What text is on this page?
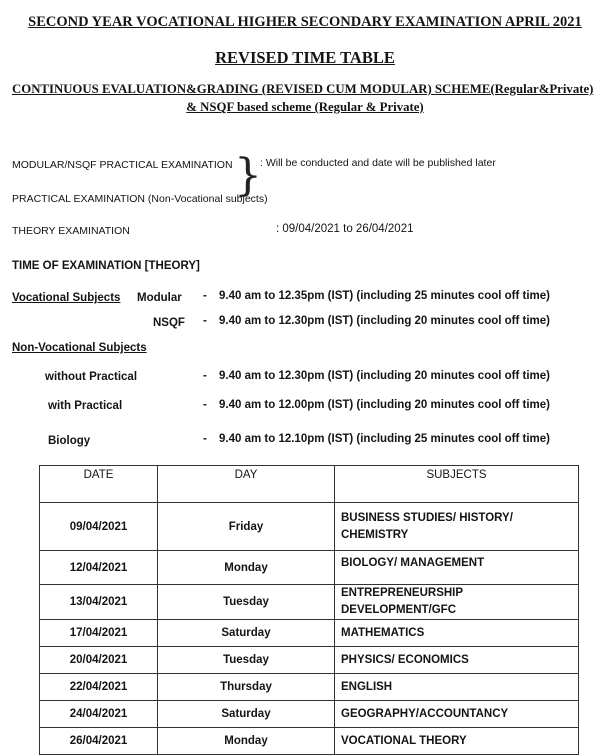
SECOND YEAR VOCATIONAL HIGHER SECONDARY EXAMINATION APRIL 2021
REVISED TIME TABLE
CONTINUOUS EVALUATION&GRADING (REVISED CUM MODULAR) SCHEME(Regular&Private)
& NSQF based scheme (Regular & Private)
MODULAR/NSQF PRACTICAL EXAMINATION
PRACTICAL EXAMINATION (Non-Vocational subjects)
}
: Will be conducted and date will be published later
THEORY EXAMINATION	: 09/04/2021 to 26/04/2021
TIME OF EXAMINATION [THEORY]
Vocational Subjects Modular - 9.40 am to 12.35pm (IST) (including 25 minutes cool off time)
NSQF - 9.40 am to 12.30pm (IST) (including 20 minutes cool off time)
Non-Vocational Subjects
without Practical	- 9.40 am to 12.30pm (IST) (including 20 minutes cool off time)
with Practical	- 9.40 am to 12.00pm (IST) (including 20 minutes cool off time)
Biology	- 9.40 am to 12.10pm (IST) (including 25 minutes cool off time)
DATE	DAY	SUBJECTS
09/04/2021	Friday	BUSINESS STUDIES/ HISTORY/ CHEMISTRY
12/04/2021	Monday	BIOLOGY/ MANAGEMENT
13/04/2021	Tuesday	ENTREPRENEURSHIP DEVELOPMENT/GFC
17/04/2021	Saturday	MATHEMATICS
20/04/2021	Tuesday	PHYSICS/ ECONOMICS
22/04/2021	Thursday	ENGLISH
24/04/2021	Saturday	GEOGRAPHY/ACCOUNTANCY
26/04/2021	Monday	VOCATIONAL THEORY
